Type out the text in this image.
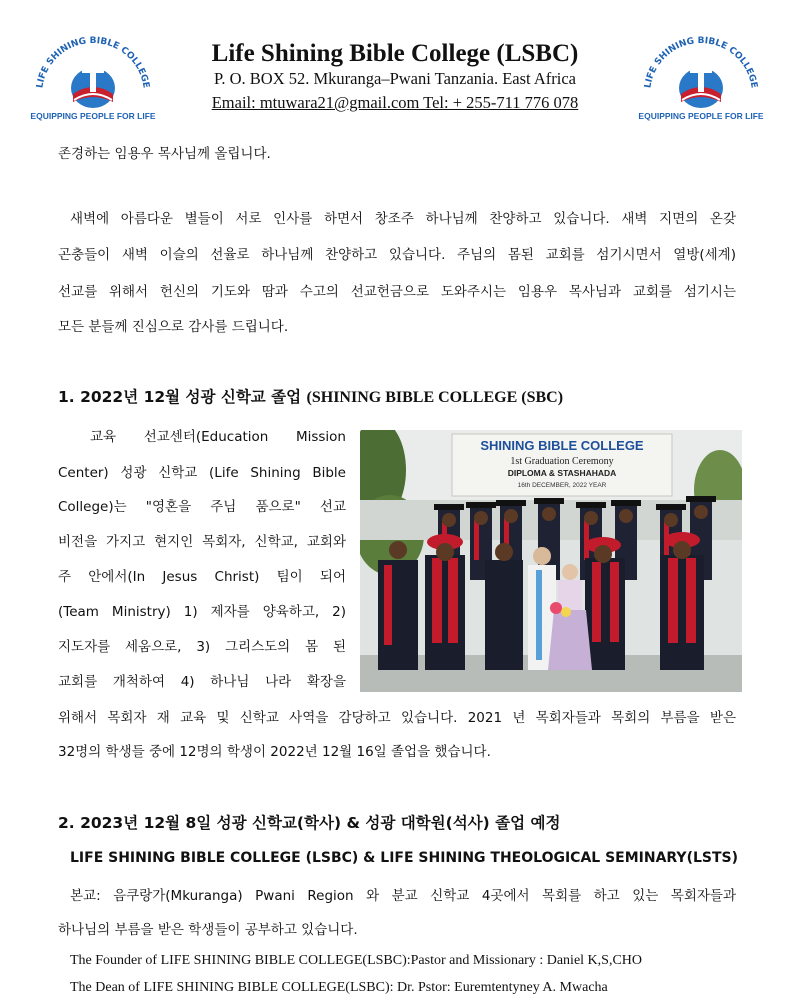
LIFE SHINING BIBLE COLLEGE
EQUIPPING PEOPLE FOR LIFE
LIFE SHINING BIBLE COLLEGE
EQUIPPING PEOPLE FOR LIFE
Life Shining Bible College (LSBC)
P. O. BOX 52. Mkuranga–Pwani Tanzania. East Africa
Email: mtuwara21@gmail.com Tel: + 255-711 776 078
존경하는 임용우 목사님께 올립니다.
새벽에 아름다운 별들이 서로 인사를 하면서 창조주 하나님께 찬양하고 있습니다. 새벽 지면의 온갖
곤충들이 새벽 이슬의 선율로 하나님께 찬양하고 있습니다. 주님의 몸된 교회를 섬기시면서 열방(세계)
선교를 위해서 헌신의 기도와 땀과 수고의 선교헌금으로 도와주시는 임용우 목사님과 교회를 섬기시는
모든 분들께 진심으로 감사를 드립니다.
1. 2022년 12월 성광 신학교 졸업 (SHINING BIBLE COLLEGE (SBC)
교육 선교센터(Education Mission
Center) 성광 신학교 (Life Shining Bible
College)는 "영혼을 주님 품으로" 선교
비전을 가지고 현지인 목회자, 신학교, 교회와
주 안에서(In Jesus Christ) 팀이 되어
(Team Ministry) 1) 제자를 양육하고, 2)
지도자를 세움으로, 3) 그리스도의 몸 된
교회를 개척하여 4) 하나님 나라 확장을
SHINING BIBLE COLLEGE
1st Graduation Ceremony
DIPLOMA & STASHAHADA
16th DECEMBER, 2022 YEAR
위해서 목회자 재 교육 및 신학교 사역을 감당하고 있습니다. 2021 년 목회자들과 목회의 부름을 받은
32명의 학생들 중에 12명의 학생이 2022년 12월 16일 졸업을 했습니다.
2. 2023년 12월 8일 성광 신학교(학사) & 성광 대학원(석사) 졸업 예정
LIFE SHINING BIBLE COLLEGE (LSBC) & LIFE SHINING THEOLOGICAL SEMINARY(LSTS)
본교: 음쿠랑가(Mkuranga) Pwani Region 와 분교 신학교 4곳에서 목회를 하고 있는 목회자들과
하나님의 부름을 받은 학생들이 공부하고 있습니다.
The Founder of LIFE SHINING BIBLE COLLEGE(LSBC):Pastor and Missionary : Daniel K,S,CHO
The Dean of LIFE SHINING BIBLE COLLEGE(LSBC): Dr. Pstor: Euremtentyney A. Mwacha
